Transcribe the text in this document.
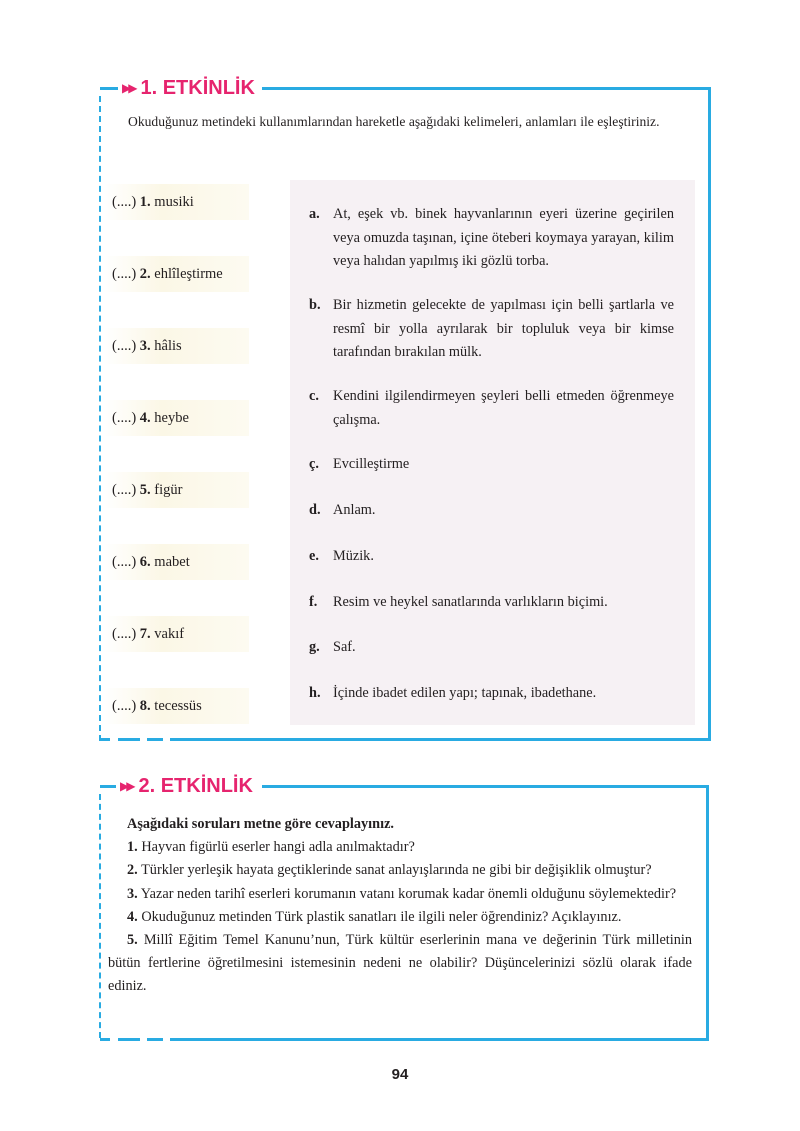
▶▶ 1. ETKİNLİK
Okuduğunuz metindeki kullanımlarından hareketle aşağıdaki kelimeleri, anlamları ile eşleştiriniz.
(....) 1. musiki
(....) 2. ehlîleştirme
(....) 3. hâlis
(....) 4. heybe
(....) 5. figür
(....) 6. mabet
(....) 7. vakıf
(....) 8. tecessüs
a. At, eşek vb. binek hayvanlarının eyeri üzerine geçirilen veya omuzda taşınan, içine öteberi koymaya yarayan, kilim veya halıdan yapılmış iki gözlü torba.
b. Bir hizmetin gelecekte de yapılması için belli şartlarla ve resmî bir yolla ayrılarak bir topluluk veya bir kimse tarafından bırakılan mülk.
c. Kendini ilgilendirmeyen şeyleri belli etmeden öğrenmeye çalışma.
ç. Evcilleştirme
d. Anlam.
e. Müzik.
f.	Resim ve heykel sanatlarında varlıkların biçimi.
g. Saf.
h. İçinde ibadet edilen yapı; tapınak, ibadethane.
▶▶ 2. ETKİNLİK
Aşağıdaki soruları metne göre cevaplayınız.
1. Hayvan figürlü eserler hangi adla anılmaktadır?
2. Türkler yerleşik hayata geçtiklerinde sanat anlayışlarında ne gibi bir değişiklik olmuştur?
3. Yazar neden tarihî eserleri korumanın vatanı korumak kadar önemli olduğunu söylemektedir?
4. Okuduğunuz metinden Türk plastik sanatları ile ilgili neler öğrendiniz? Açıklayınız.
5. Millî Eğitim Temel Kanunu’nun, Türk kültür eserlerinin mana ve değerinin Türk milletinin bütün fertlerine öğretilmesini istemesinin nedeni ne olabilir? Düşüncelerinizi sözlü olarak ifade ediniz.
94
